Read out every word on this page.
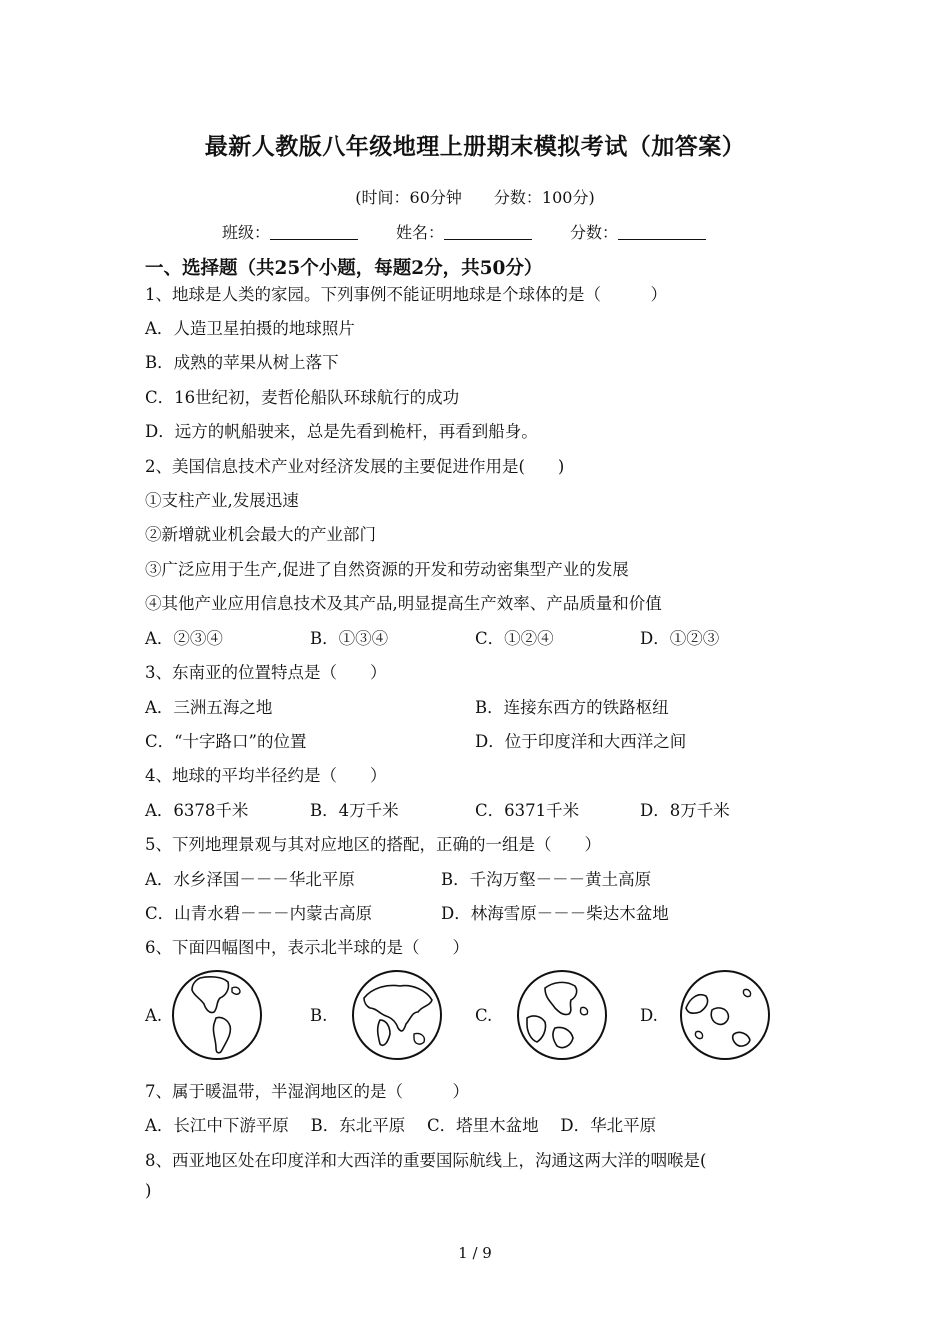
最新人教版八年级地理上册期末模拟考试（加答案）
(时间：60分钟　　分数：100分)
班级：	姓名：	分数：
一、选择题（共25个小题，每题2分，共50分）
1、地球是人类的家园。下列事例不能证明地球是个球体的是（　　　）
A．人造卫星拍摄的地球照片
B．成熟的苹果从树上落下
C．16世纪初，麦哲伦船队环球航行的成功
D．远方的帆船驶来，总是先看到桅杆，再看到船身。
2、美国信息技术产业对经济发展的主要促进作用是(　　)
①支柱产业,发展迅速
②新增就业机会最大的产业部门
③广泛应用于生产,促进了自然资源的开发和劳动密集型产业的发展
④其他产业应用信息技术及其产品,明显提高生产效率、产品质量和价值
A．②③④	B．①③④	C．①②④	D．①②③
3、东南亚的位置特点是（　　）
A．三洲五海之地	B．连接东西方的铁路枢纽
C．“十字路口”的位置	D．位于印度洋和大西洋之间
4、地球的平均半径约是（　　）
A．6378千米	B．4万千米	C．6371千米	D．8万千米
5、下列地理景观与其对应地区的搭配，正确的一组是（　　）
A．水乡泽国－－－华北平原	B．千沟万壑－－－黄土高原
C．山青水碧－－－内蒙古高原	D．林海雪原－－－柴达木盆地
6、下面四幅图中，表示北半球的是（　　）
A.	B.	C.	D.
7、属于暖温带，半湿润地区的是（　　　）
A．长江中下游平原　 B．东北平原　 C．塔里木盆地　 D．华北平原
8、西亚地区处在印度洋和大西洋的重要国际航线上，沟通这两大洋的咽喉是(
)
1 / 9
